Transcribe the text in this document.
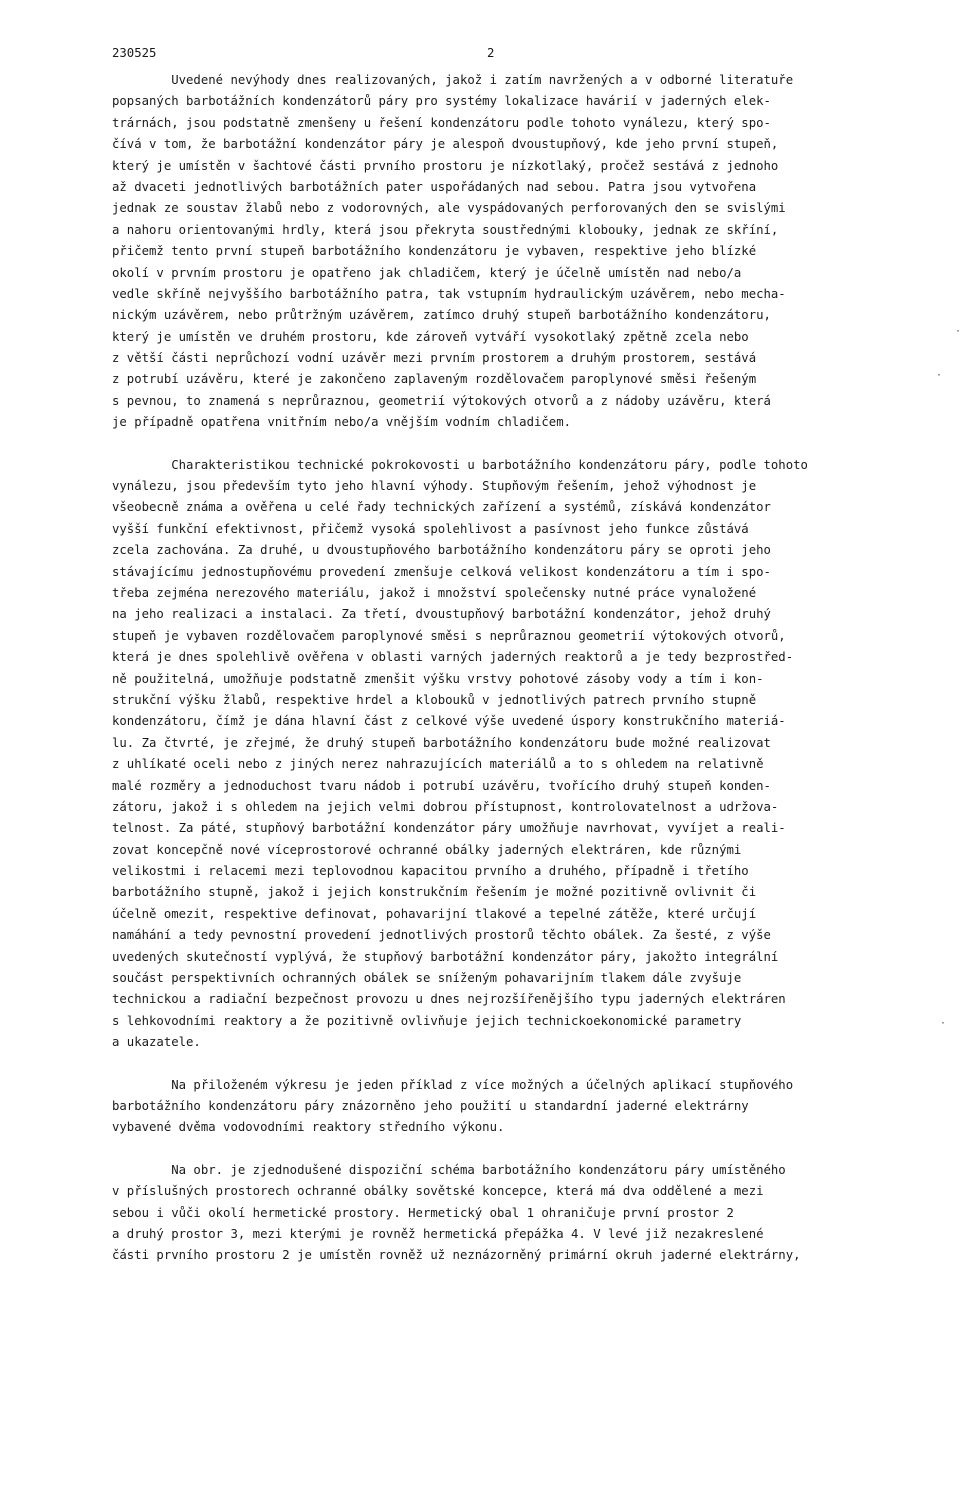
230525	2
Uvedené nevýhody dnes realizovaných, jakož i zatím navržených a v odborné literatuře
popsaných barbotážních kondenzátorů páry pro systémy lokalizace havárií v jaderných elek-
trárnách, jsou podstatně zmenšeny u řešení kondenzátoru podle tohoto vynálezu, který spo-
čívá v tom, že barbotážní kondenzátor páry je alespoň dvoustupňový, kde jeho první stupeň,
který je umístěn v šachtové části prvního prostoru je nízkotlaký, pročež sestává z jednoho
až dvaceti jednotlivých barbotážních pater uspořádaných nad sebou. Patra jsou vytvořena
jednak ze soustav žlabů nebo z vodorovných, ale vyspádovaných perforovaných den se svislými
a nahoru orientovanými hrdly, která jsou překryta soustřednými klobouky, jednak ze skříní,
přičemž tento první stupeň barbotážního kondenzátoru je vybaven, respektive jeho blízké
okolí v prvním prostoru je opatřeno jak chladičem, který je účelně umístěn nad nebo/a
vedle skříně nejvyššího barbotážního patra, tak vstupním hydraulickým uzávěrem, nebo mecha-
nickým uzávěrem, nebo průtržným uzávěrem, zatímco druhý stupeň barbotážního kondenzátoru,
který je umístěn ve druhém prostoru, kde zároveň vytváří vysokotlaký zpětně zcela nebo
z větší části neprůchozí vodní uzávěr mezi prvním prostorem a druhým prostorem, sestává
z potrubí uzávěru, které je zakončeno zaplaveným rozdělovačem paroplynové směsi řešeným
s pevnou, to znamená s neprůraznou, geometrií výtokových otvorů a z nádoby uzávěru, která
je případně opatřena vnitřním nebo/a vnějším vodním chladičem.
Charakteristikou technické pokrokovosti u barbotážního kondenzátoru páry, podle tohoto
vynálezu, jsou především tyto jeho hlavní výhody. Stupňovým řešením, jehož výhodnost je
všeobecně známa a ověřena u celé řady technických zařízení a systémů, získává kondenzátor
vyšší funkční efektivnost, přičemž vysoká spolehlivost a pasívnost jeho funkce zůstává
zcela zachována. Za druhé, u dvoustupňového barbotážního kondenzátoru páry se oproti jeho
stávajícímu jednostupňovému provedení zmenšuje celková velikost kondenzátoru a tím i spo-
třeba zejména nerezového materiálu, jakož i množství společensky nutné práce vynaložené
na jeho realizaci a instalaci. Za třetí, dvoustupňový barbotážní kondenzátor, jehož druhý
stupeň je vybaven rozdělovačem paroplynové směsi s neprůraznou geometrií výtokových otvorů,
která je dnes spolehlivě ověřena v oblasti varných jaderných reaktorů a je tedy bezprostřed-
ně použitelná, umožňuje podstatně zmenšit výšku vrstvy pohotové zásoby vody a tím i kon-
strukční výšku žlabů, respektive hrdel a klobouků v jednotlivých patrech prvního stupně
kondenzátoru, čímž je dána hlavní část z celkové výše uvedené úspory konstrukčního materiá-
lu. Za čtvrté, je zřejmé, že druhý stupeň barbotážního kondenzátoru bude možné realizovat
z uhlíkaté oceli nebo z jiných nerez nahrazujících materiálů a to s ohledem na relativně
malé rozměry a jednoduchost tvaru nádob i potrubí uzávěru, tvořícího druhý stupeň konden-
zátoru, jakož i s ohledem na jejich velmi dobrou přístupnost, kontrolovatelnost a udržova-
telnost. Za páté, stupňový barbotážní kondenzátor páry umožňuje navrhovat, vyvíjet a reali-
zovat koncepčně nové víceprostorové ochranné obálky jaderných elektráren, kde různými
velikostmi i relacemi mezi teplovodnou kapacitou prvního a druhého, případně i třetího
barbotážního stupně, jakož i jejich konstrukčním řešením je možné pozitivně ovlivnit či
účelně omezit, respektive definovat, pohavarijní tlakové a tepelné zátěže, které určují
namáhání a tedy pevnostní provedení jednotlivých prostorů těchto obálek. Za šesté, z výše
uvedených skutečností vyplývá, že stupňový barbotážní kondenzátor páry, jakožto integrální
součást perspektivních ochranných obálek se sníženým pohavarijním tlakem dále zvyšuje
technickou a radiační bezpečnost provozu u dnes nejrozšířenějšího typu jaderných elektráren
s lehkovodními reaktory a že pozitivně ovlivňuje jejich technickoekonomické parametry
a ukazatele.
Na přiloženém výkresu je jeden příklad z více možných a účelných aplikací stupňového
barbotážního kondenzátoru páry znázorněno jeho použití u standardní jaderné elektrárny
vybavené dvěma vodovodními reaktory středního výkonu.
Na obr. je zjednodušené dispoziční schéma barbotážního kondenzátoru páry umístěného
v příslušných prostorech ochranné obálky sovětské koncepce, která má dva oddělené a mezi
sebou i vůči okolí hermetické prostory. Hermetický obal 1 ohraničuje první prostor 2
a druhý prostor 3, mezi kterými je rovněž hermetická přepážka 4. V levé již nezakreslené
části prvního prostoru 2 je umístěn rovněž už neznázorněný primární okruh jaderné elektrárny,
·
·
·
